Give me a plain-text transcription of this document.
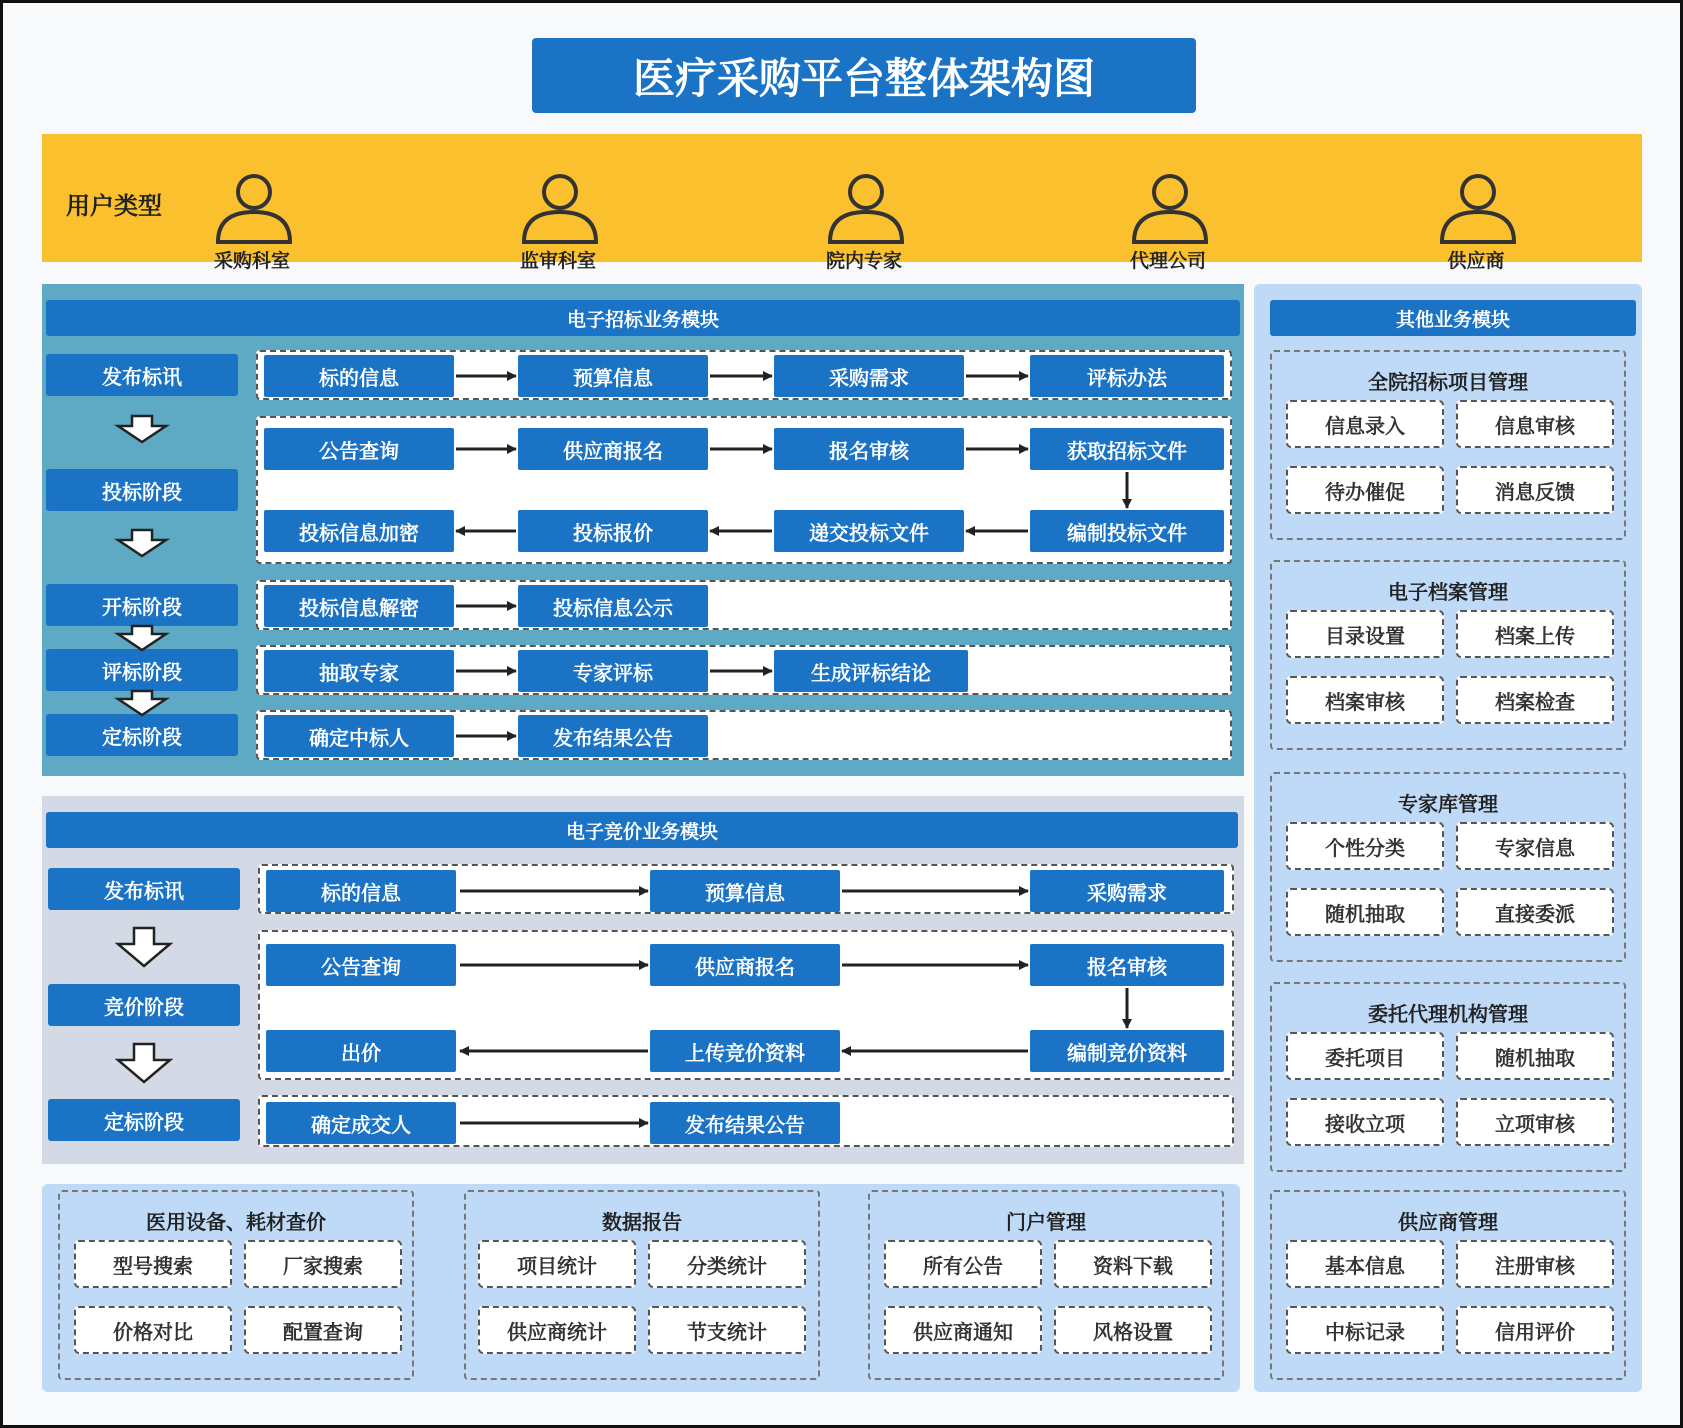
医疗采购平台整体架构图
用户类型
采购科室	监审科室	院内专家	代理公司	供应商
电子招标业务模块
发布标讯
投标阶段
开标阶段
评标阶段
定标阶段
标的信息	预算信息	采购需求	评标办法
公告查询	供应商报名	报名审核	获取招标文件
投标信息加密	投标报价	递交投标文件	编制投标文件
投标信息解密	投标信息公示
抽取专家	专家评标	生成评标结论
确定中标人	发布结果公告
电子竞价业务模块
发布标讯
竞价阶段
定标阶段
标的信息	预算信息	采购需求
公告查询	供应商报名	报名审核
出价	上传竞价资料	编制竞价资料
确定成交人	发布结果公告
医用设备、耗材查价
型号搜索	厂家搜索
价格对比	配置查询
数据报告
项目统计	分类统计
供应商统计	节支统计
门户管理
所有公告	资料下载
供应商通知	风格设置
其他业务模块
全院招标项目管理
信息录入	信息审核
待办催促	消息反馈
电子档案管理
目录设置	档案上传
档案审核	档案检查
专家库管理
个性分类	专家信息
随机抽取	直接委派
委托代理机构管理
委托项目	随机抽取
接收立项	立项审核
供应商管理
基本信息	注册审核
中标记录	信用评价
